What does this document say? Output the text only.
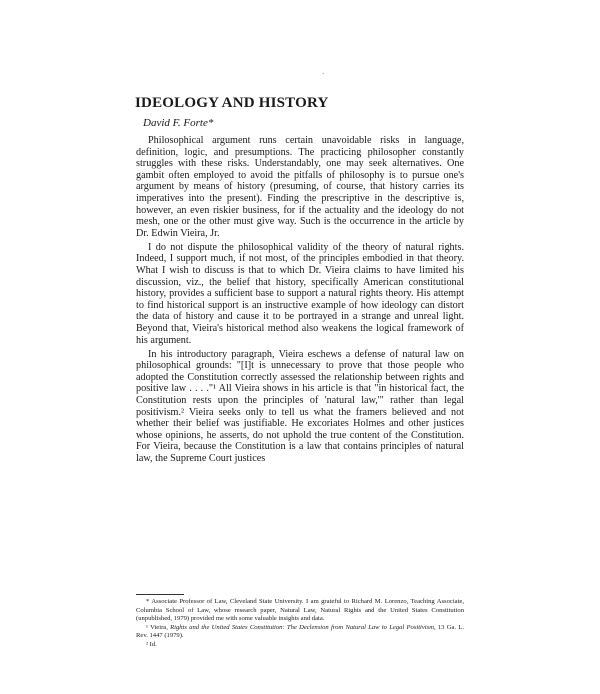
·
IDEOLOGY AND HISTORY
David F. Forte*

Philosophical argument runs certain unavoidable risks in language, definition, logic, and presumptions. The practicing philosopher constantly struggles with these risks. Understandably, one may seek alternatives. One gambit often employed to avoid the pitfalls of philosophy is to pursue one's argument by means of history (presuming, of course, that history carries its imperatives into the present). Finding the prescriptive in the descriptive is, however, an even riskier business, for if the actuality and the ideology do not mesh, one or the other must give way. Such is the occurrence in the article by Dr. Edwin Vieira, Jr.

I do not dispute the philosophical validity of the theory of natural rights. Indeed, I support much, if not most, of the principles embodied in that theory. What I wish to discuss is that to which Dr. Vieira claims to have limited his discussion, viz., the belief that history, specifically American constitutional history, provides a sufficient base to support a natural rights theory. His attempt to find historical support is an instructive example of how ideology can distort the data of history and cause it to be portrayed in a strange and unreal light. Beyond that, Vieira's historical method also weakens the logical framework of his argument.

In his introductory paragraph, Vieira eschews a defense of natural law on philosophical grounds: "[I]t is unnecessary to prove that those people who adopted the Constitution correctly assessed the relationship between rights and positive law . . . ."¹ All Vieira shows in his article is that "in historical fact, the Constitution rests upon the principles of 'natural law,'" rather than legal positivism.² Vieira seeks only to tell us what the framers believed and not whether their belief was justifiable. He excoriates Holmes and other justices whose opinions, he asserts, do not uphold the true content of the Constitution. For Vieira, because the Constitution is a law that contains principles of natural law, the Supreme Court justices

* Associate Professor of Law, Cleveland State University. I am grateful to Richard M. Lorenzo, Teaching Associate, Columbia School of Law, whose research paper, Natural Law, Natural Rights and the United States Constitution (unpublished, 1979) provided me with some valuable insights and data.

¹ Vieira, Rights and the United States Constitution: The Declension from Natural Law to Legal Positivism, 13 Ga. L. Rev. 1447 (1979).

² Id.
